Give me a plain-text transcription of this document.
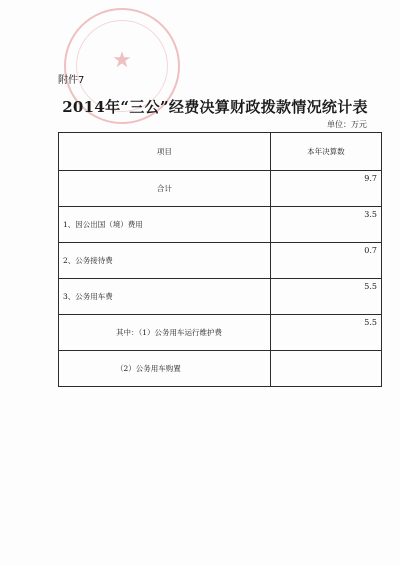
★
附件7
2014年“三公”经费决算财政拨款情况统计表
单位：万元
项目	本年决算数
合计	9.7
1、因公出国（境）费用	3.5
2、公务接待费	0.7
3、公务用车费	5.5
其中：（1）公务用车运行维护费	5.5
（2）公务用车购置	
